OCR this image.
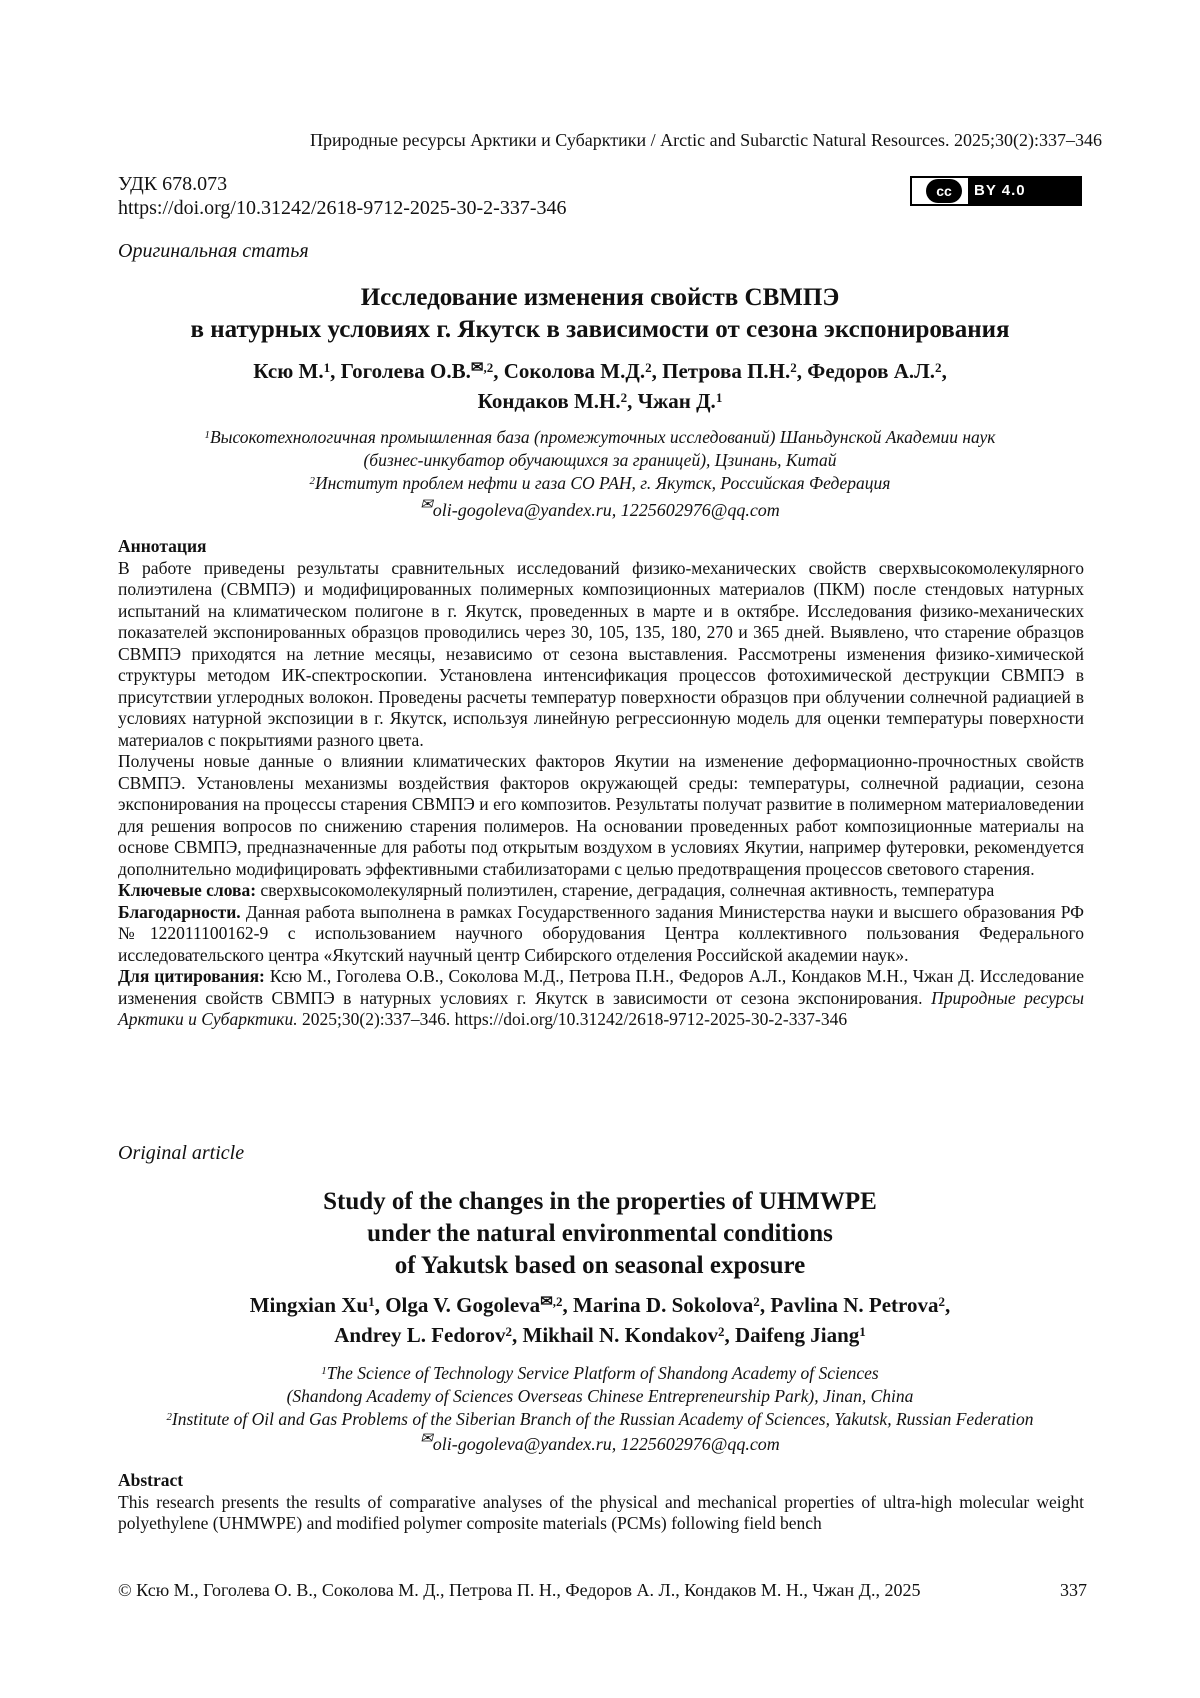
Природные ресурсы Арктики и Субарктики / Arctic and Subarctic Natural Resources. 2025;30(2):337–346
УДК 678.073
https://doi.org/10.31242/2618-9712-2025-30-2-337-346
cc	BY 4.0
Оригинальная статья
Исследование изменения свойств СВМПЭ
в натурных условиях г. Якутск в зависимости от сезона экспонирования
Ксю М.$^1$, Гоголева О.В.$^{✉,2}$, Соколова М.Д.$^2$, Петрова П.Н.$^2$, Федоров А.Л.$^2$,
Кондаков М.Н.$^2$, Чжан Д.$^1$
$^1$Высокотехнологичная промышленная база (промежуточных исследований) Шаньдунской Академии наук
(бизнес-инкубатор обучающихся за границей), Цзинань, Китай
$^2$Институт проблем нефти и газа СО РАН, г. Якутск, Российская Федерация
✉oli-gogoleva@yandex.ru, 1225602976@qq.com

Аннотация

В работе приведены результаты сравнительных исследований физико-механических свойств сверхвысокомолекулярного полиэтилена (СВМПЭ) и модифицированных полимерных композиционных материалов (ПКМ) после стендовых натурных испытаний на климатическом полигоне в г. Якутск, проведенных в марте и в октябре. Исследования физико-механических показателей экспонированных образцов проводились через 30, 105, 135, 180, 270 и 365 дней. Выявлено, что старение образцов СВМПЭ приходятся на летние месяцы, независимо от сезона выставления. Рассмотрены изменения физико-химической структуры методом ИК-спектроскопии. Установлена интенсификация процессов фотохимической деструкции СВМПЭ в присутствии углеродных волокон. Проведены расчеты температур поверхности образцов при облучении солнечной радиацией в условиях натурной экспозиции в г. Якутск, используя линейную регрессионную модель для оценки температуры поверхности материалов с покрытиями разного цвета.

Получены новые данные о влиянии климатических факторов Якутии на изменение деформационно-прочностных свойств СВМПЭ. Установлены механизмы воздействия факторов окружающей среды: температуры, солнечной радиации, сезона экспонирования на процессы старения СВМПЭ и его композитов. Результаты получат развитие в полимерном материаловедении для решения вопросов по снижению старения полимеров. На основании проведенных работ композиционные материалы на основе СВМПЭ, предназначенные для работы под открытым воздухом в условиях Якутии, например футеровки, рекомендуется дополнительно модифицировать эффективными стабилизаторами с целью предотвращения процессов светового старения.

Ключевые слова: сверхвысокомолекулярный полиэтилен, старение, деградация, солнечная активность, температура

Благодарности. Данная работа выполнена в рамках Государственного задания Министерства науки и высшего образования РФ №122011100162-9 с использованием научного оборудования Центра коллективного пользования Федерального исследовательского центра «Якутский научный центр Сибирского отделения Российской академии наук».

Для цитирования: Ксю М., Гоголева О.В., Соколова М.Д., Петрова П.Н., Федоров А.Л., Кондаков М.Н., Чжан Д. Исследование изменения свойств СВМПЭ в натурных условиях г. Якутск в зависимости от сезона экспонирования. Природные ресурсы Арктики и Субарктики. 2025;30(2):337–346. https://doi.org/10.31242/2618-9712-2025-30-2-337-346

Original article
Study of the changes in the properties of UHMWPE
under the natural environmental conditions
of Yakutsk based on seasonal exposure
Mingxian Xu$^1$, Olga V. Gogoleva$^{✉,2}$, Marina D. Sokolova$^2$, Pavlina N. Petrova$^2$,
Andrey L. Fedorov$^2$, Mikhail N. Kondakov$^2$, Daifeng Jiang$^1$
$^1$The Science of Technology Service Platform of Shandong Academy of Sciences
(Shandong Academy of Sciences Overseas Chinese Entrepreneurship Park), Jinan, China
$^2$Institute of Oil and Gas Problems of the Siberian Branch of the Russian Academy of Sciences, Yakutsk, Russian Federation
✉oli-gogoleva@yandex.ru, 1225602976@qq.com

Abstract

This research presents the results of comparative analyses of the physical and mechanical properties of ultra-high molecular weight polyethylene (UHMWPE) and modified polymer composite materials (PCMs) following field bench

© Ксю М., Гоголева О. В., Соколова М. Д., Петрова П. Н., Федоров А. Л., Кондаков М. Н., Чжан Д., 2025	337
